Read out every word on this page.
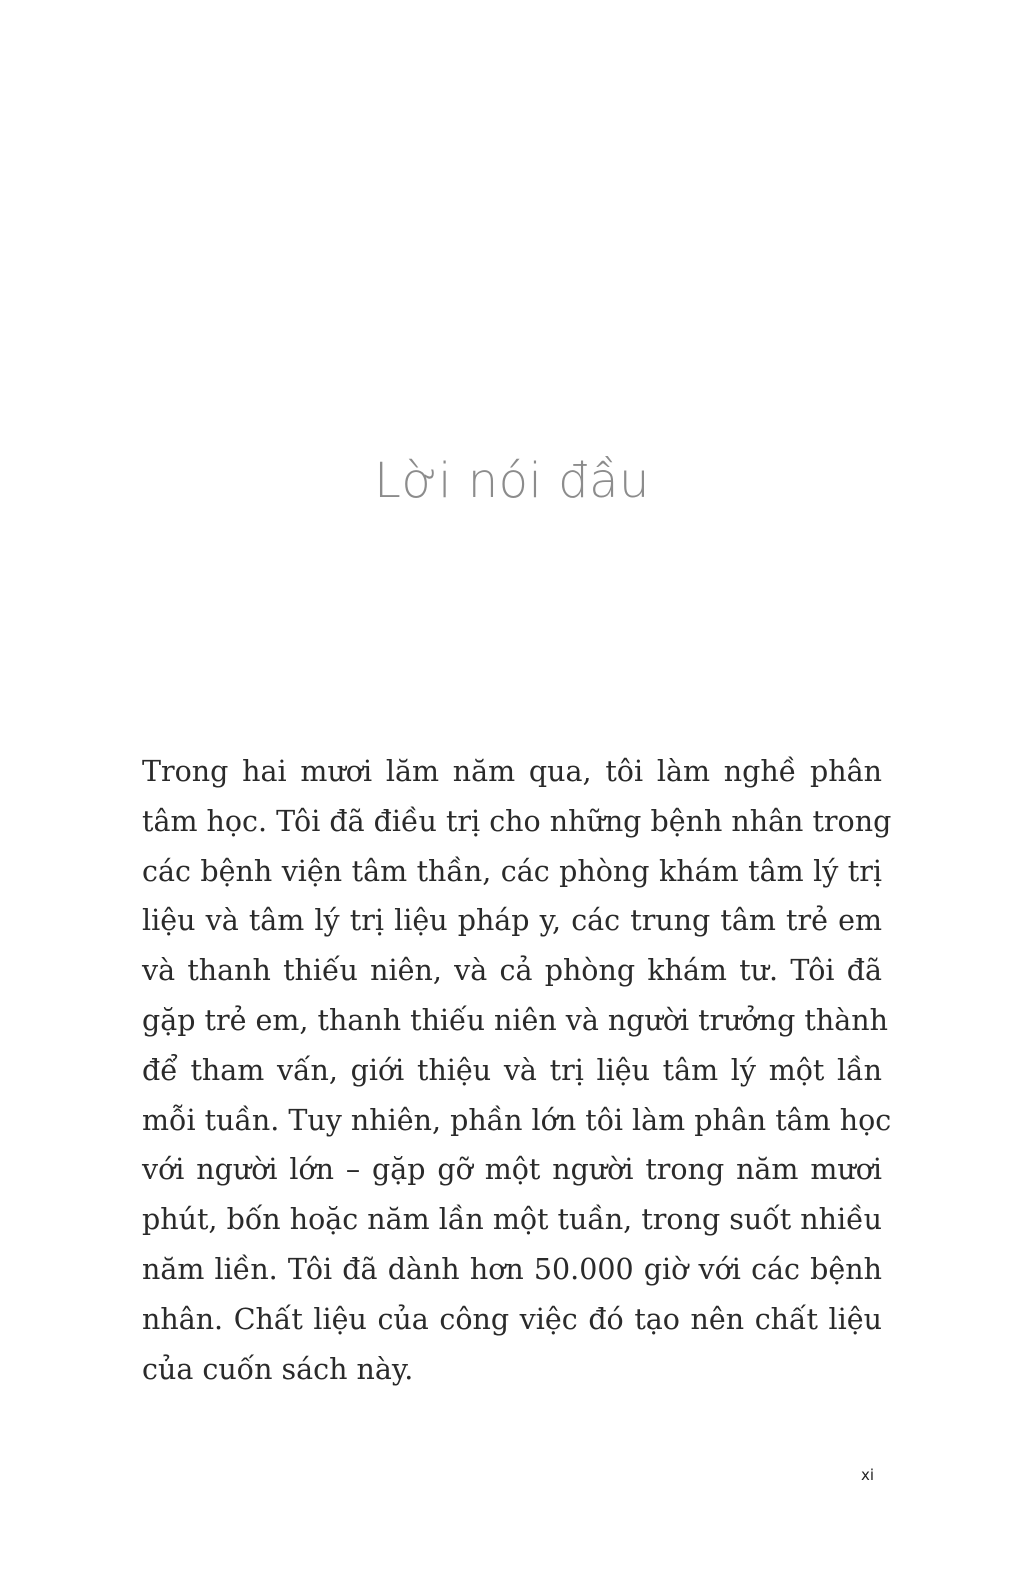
Lời nói đầu

Trong hai mươi lăm năm qua, tôi làm nghề phân
tâm học. Tôi đã điều trị cho những bệnh nhân trong
các bệnh viện tâm thần, các phòng khám tâm lý trị
liệu và tâm lý trị liệu pháp y, các trung tâm trẻ em
và thanh thiếu niên, và cả phòng khám tư. Tôi đã
gặp trẻ em, thanh thiếu niên và người trưởng thành
để tham vấn, giới thiệu và trị liệu tâm lý một lần
mỗi tuần. Tuy nhiên, phần lớn tôi làm phân tâm học
với người lớn – gặp gỡ một người trong năm mươi
phút, bốn hoặc năm lần một tuần, trong suốt nhiều
năm liền. Tôi đã dành hơn 50.000 giờ với các bệnh
nhân. Chất liệu của công việc đó tạo nên chất liệu
của cuốn sách này.

xi
